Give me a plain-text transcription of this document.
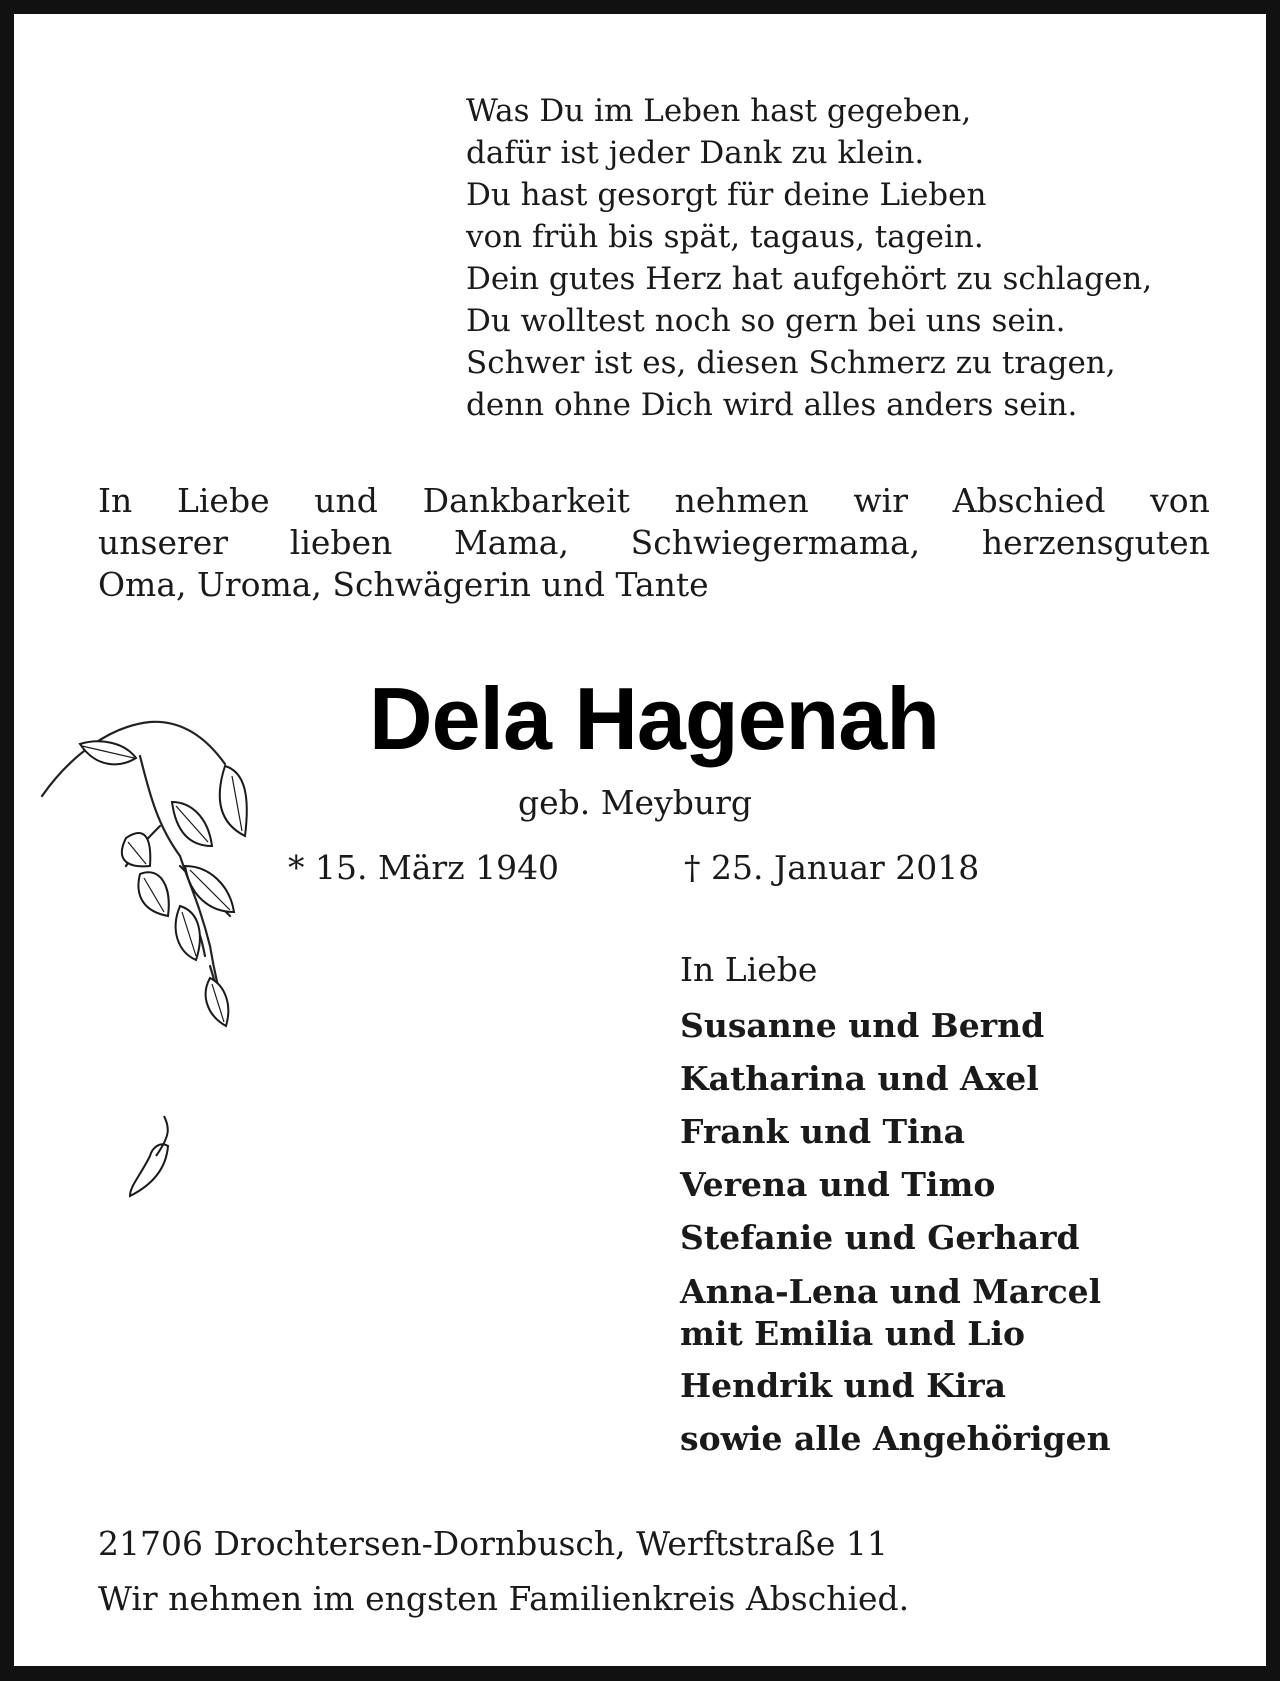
Was Du im Leben hast gegeben,
dafür ist jeder Dank zu klein.
Du hast gesorgt für deine Lieben
von früh bis spät, tagaus, tagein.
Dein gutes Herz hat aufgehört zu schlagen,
Du wolltest noch so gern bei uns sein.
Schwer ist es, diesen Schmerz zu tragen,
denn ohne Dich wird alles anders sein.
In Liebe und Dankbarkeit nehmen wir Abschied von
unserer lieben Mama, Schwiegermama, herzensguten
Oma, Uroma, Schwägerin und Tante
Dela Hagenah
geb. Meyburg
* 15. März 1940	† 25. Januar 2018
In Liebe
Susanne und Bernd
Katharina und Axel
Frank und Tina
Verena und Timo
Stefanie und Gerhard
Anna-Lena und Marcel
mit Emilia und Lio
Hendrik und Kira
sowie alle Angehörigen
21706 Drochtersen-Dornbusch, Werftstraße 11
Wir nehmen im engsten Familienkreis Abschied.
